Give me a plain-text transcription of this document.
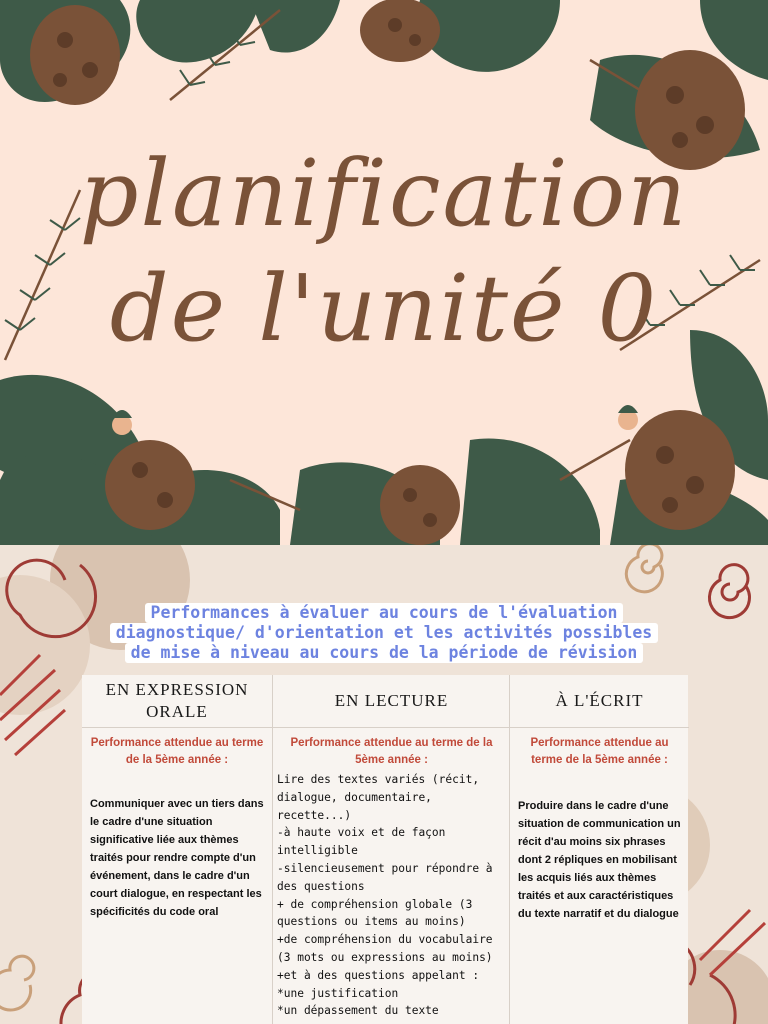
planification
de l'unité 0
Performances à évaluer au cours de l'évaluation
diagnostique/ d'orientation et les activités possibles
de mise à niveau au cours de la période de révision
EN EXPRESSION
ORALE
Performance attendue au terme de la 5ème année :
Communiquer avec un tiers dans le cadre d'une situation significative liée aux thèmes traités pour rendre compte d'un événement, dans le cadre d'un court dialogue, en respectant les spécificités du code oral
EN LECTURE
Performance attendue au terme de la 5ème année :
Lire des textes variés (récit,
dialogue, documentaire,
recette...)
-à haute voix et de façon
intelligible
-silencieusement pour répondre à
des questions
+ de compréhension globale (3
questions ou items au moins)
+de compréhension du vocabulaire
(3 mots ou expressions au moins)
+et à des questions appelant :
*une justification
*un dépassement du texte
À L'ÉCRIT
Performance attendue au terme de la 5ème année :
Produire dans le cadre d'une situation de communication un récit d'au moins six phrases dont 2 répliques en mobilisant les acquis liés aux thèmes traités et aux caractéristiques du texte narratif et du dialogue
